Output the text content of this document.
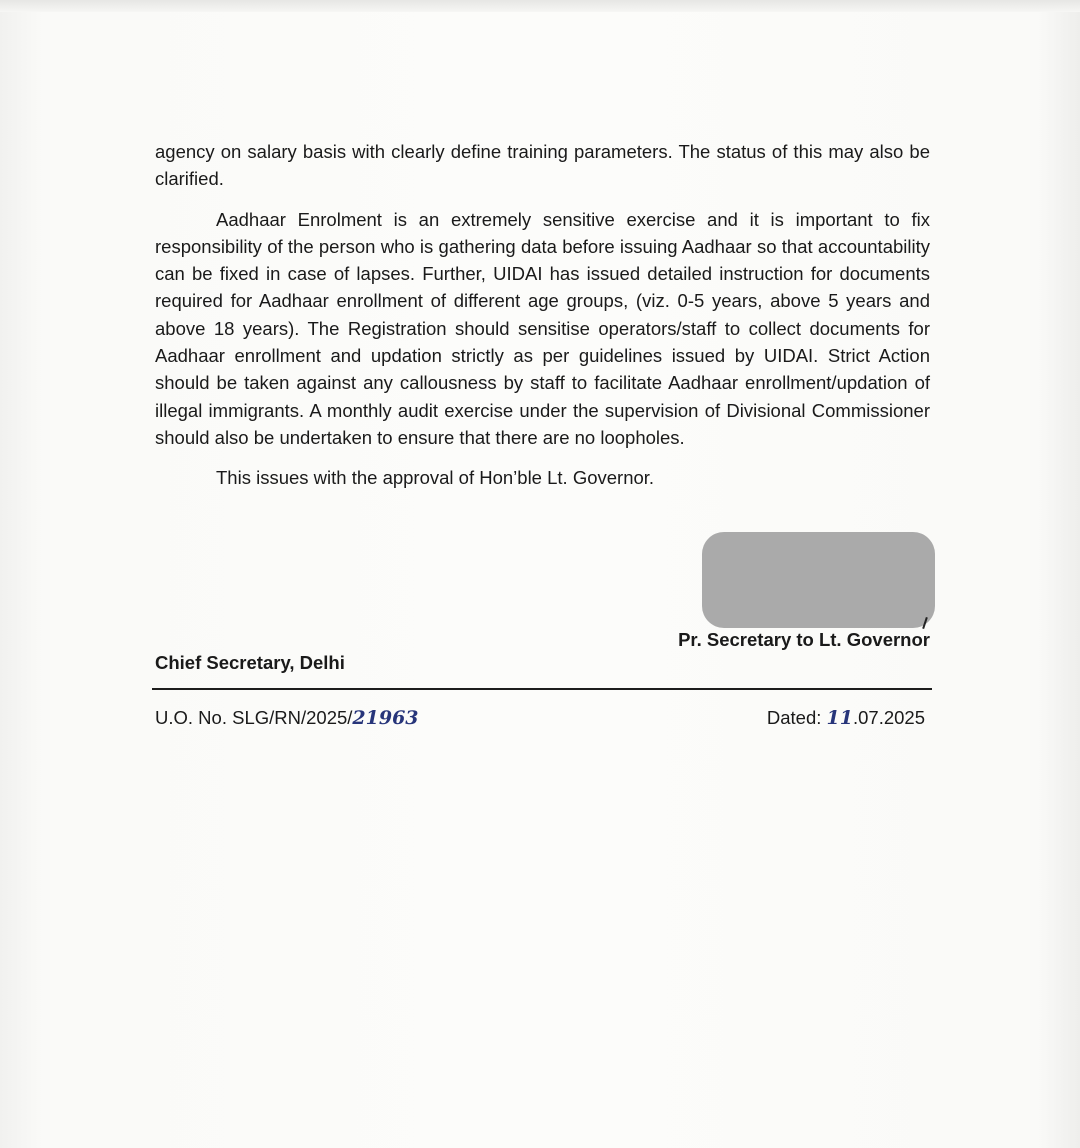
agency on salary basis with clearly define training parameters. The status of this may also be clarified.

Aadhaar Enrolment is an extremely sensitive exercise and it is important to fix responsibility of the person who is gathering data before issuing Aadhaar so that accountability can be fixed in case of lapses. Further, UIDAI has issued detailed instruction for documents required for Aadhaar enrollment of different age groups, (viz. 0-5 years, above 5 years and above 18 years). The Registration should sensitise operators/staff to collect documents for Aadhaar enrollment and updation strictly as per guidelines issued by UIDAI. Strict Action should be taken against any callousness by staff to facilitate Aadhaar enrollment/updation of illegal immigrants. A monthly audit exercise under the supervision of Divisional Commissioner should also be undertaken to ensure that there are no loopholes.

This issues with the approval of Hon’ble Lt. Governor.

Pr. Secretary to Lt. Governor
Chief Secretary, Delhi
U.O. No. SLG/RN/2025/21963	Dated: 11.07.2025
